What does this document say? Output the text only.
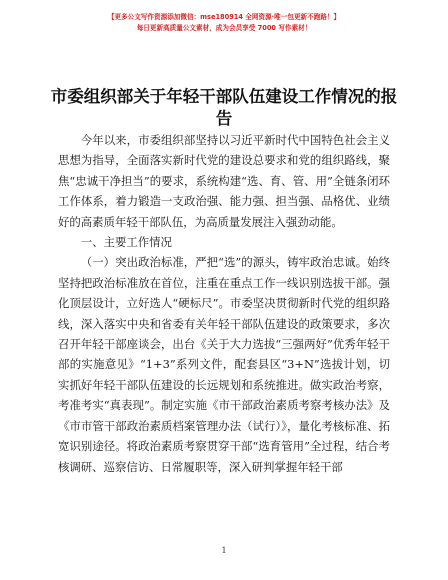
【更多公文写作资源添加微信：mse180914 全网资源·唯一包更新不跑路！】
每日更新高质量公文素材，成为会员享受 7000 写作素材！
市委组织部关于年轻干部队伍建设工作情况的报告

今年以来，市委组织部坚持以习近平新时代中国特色社会主义思想为指导，全面落实新时代党的建设总要求和党的组织路线，聚焦“忠诚干净担当”的要求，系统构建“选、育、管、用”全链条闭环工作体系，着力锻造一支政治强、能力强、担当强、品格优、业绩好的高素质年轻干部队伍，为高质量发展注入强劲动能。

一、主要工作情况

（一）突出政治标准，严把“选”的源头，铸牢政治忠诚。始终坚持把政治标准放在首位，注重在重点工作一线识别选拔干部。强化顶层设计，立好选人“硬标尺”。市委坚决贯彻新时代党的组织路线，深入落实中央和省委有关年轻干部队伍建设的政策要求，多次召开年轻干部座谈会，出台《关于大力选拔“三强两好”优秀年轻干部的实施意见》“1+3”系列文件，配套县区“3+N”选拔计划，切实抓好年轻干部队伍建设的长远规划和系统推进。做实政治考察，考准考实“真表现”。制定实施《市干部政治素质考察考核办法》及《市市管干部政治素质档案管理办法（试行）》，量化考核标准、拓宽识别途径。将政治素质考察贯穿干部“选育管用”全过程，结合考核调研、巡察信访、日常履职等，深入研判掌握年轻干部

1
